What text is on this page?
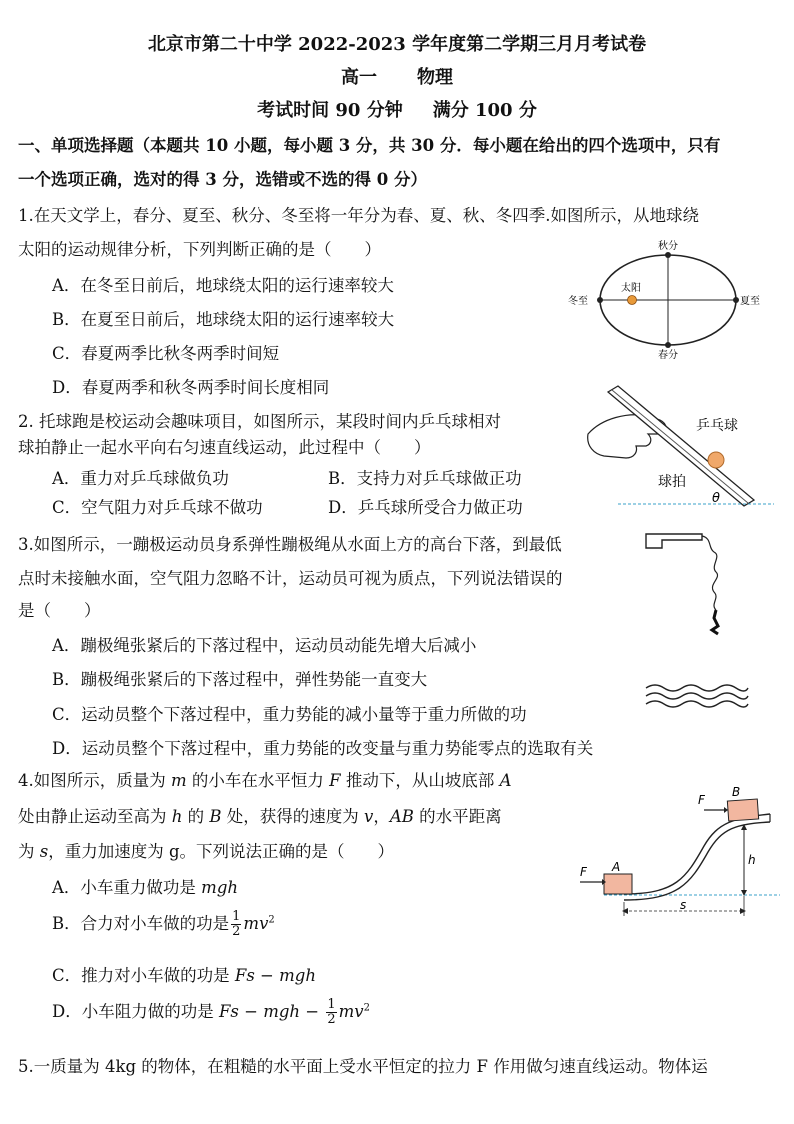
北京市第二十中学 2022-2023 学年度第二学期三月月考试卷
高一 物理
考试时间 90 分钟 满分 100 分
一、单项选择题（本题共 10 小题，每小题 3 分，共 30 分．每小题在给出的四个选项中，只有
一个选项正确，选对的得 3 分，选错或不选的得 0 分）
1.在天文学上，春分、夏至、秋分、冬至将一年分为春、夏、秋、冬四季.如图所示，从地球绕
太阳的运动规律分析，下列判断正确的是（　　）
A．在冬至日前后，地球绕太阳的运行速率较大
B．在夏至日前后，地球绕太阳的运行速率较大
C．春夏两季比秋冬两季时间短
D．春夏两季和秋冬两季时间长度相同
秋分
春分
冬至	夏至
太阳
2. 托球跑是校运动会趣味项目，如图所示，某段时间内乒乓球相对
球拍静止一起水平向右匀速直线运动，此过程中（　　）
A．重力对乒乓球做负功	B．支持力对乒乓球做正功
C．空气阻力对乒乓球不做功	D．乒乓球所受合力做正功
乒乓球
球拍
θ
3.如图所示，一蹦极运动员身系弹性蹦极绳从水面上方的高台下落，到最低
点时未接触水面，空气阻力忽略不计，运动员可视为质点，下列说法错误的
是（　　）
A．蹦极绳张紧后的下落过程中，运动员动能先增大后减小
B．蹦极绳张紧后的下落过程中，弹性势能一直变大
C．运动员整个下落过程中，重力势能的减小量等于重力所做的功
D．运动员整个下落过程中，重力势能的改变量与重力势能零点的选取有关
4.如图所示，质量为 m 的小车在水平恒力 F 推动下，从山坡底部 A
处由静止运动至高为 h 的 B 处，获得的速度为 v，AB 的水平距离
为 s，重力加速度为 g。下列说法正确的是（　　）
A．小车重力做功是 mgh
B．合力对小车做的功是 $\frac{1}{2} mv^2$
C．推力对小车做的功是 Fs − mgh
D．小车阻力做的功是 Fs − mgh − $\frac{1}{2} mv^2$
F A
F
B
h
s
5.一质量为 4kg 的物体，在粗糙的水平面上受水平恒定的拉力 F 作用做匀速直线运动。物体运
